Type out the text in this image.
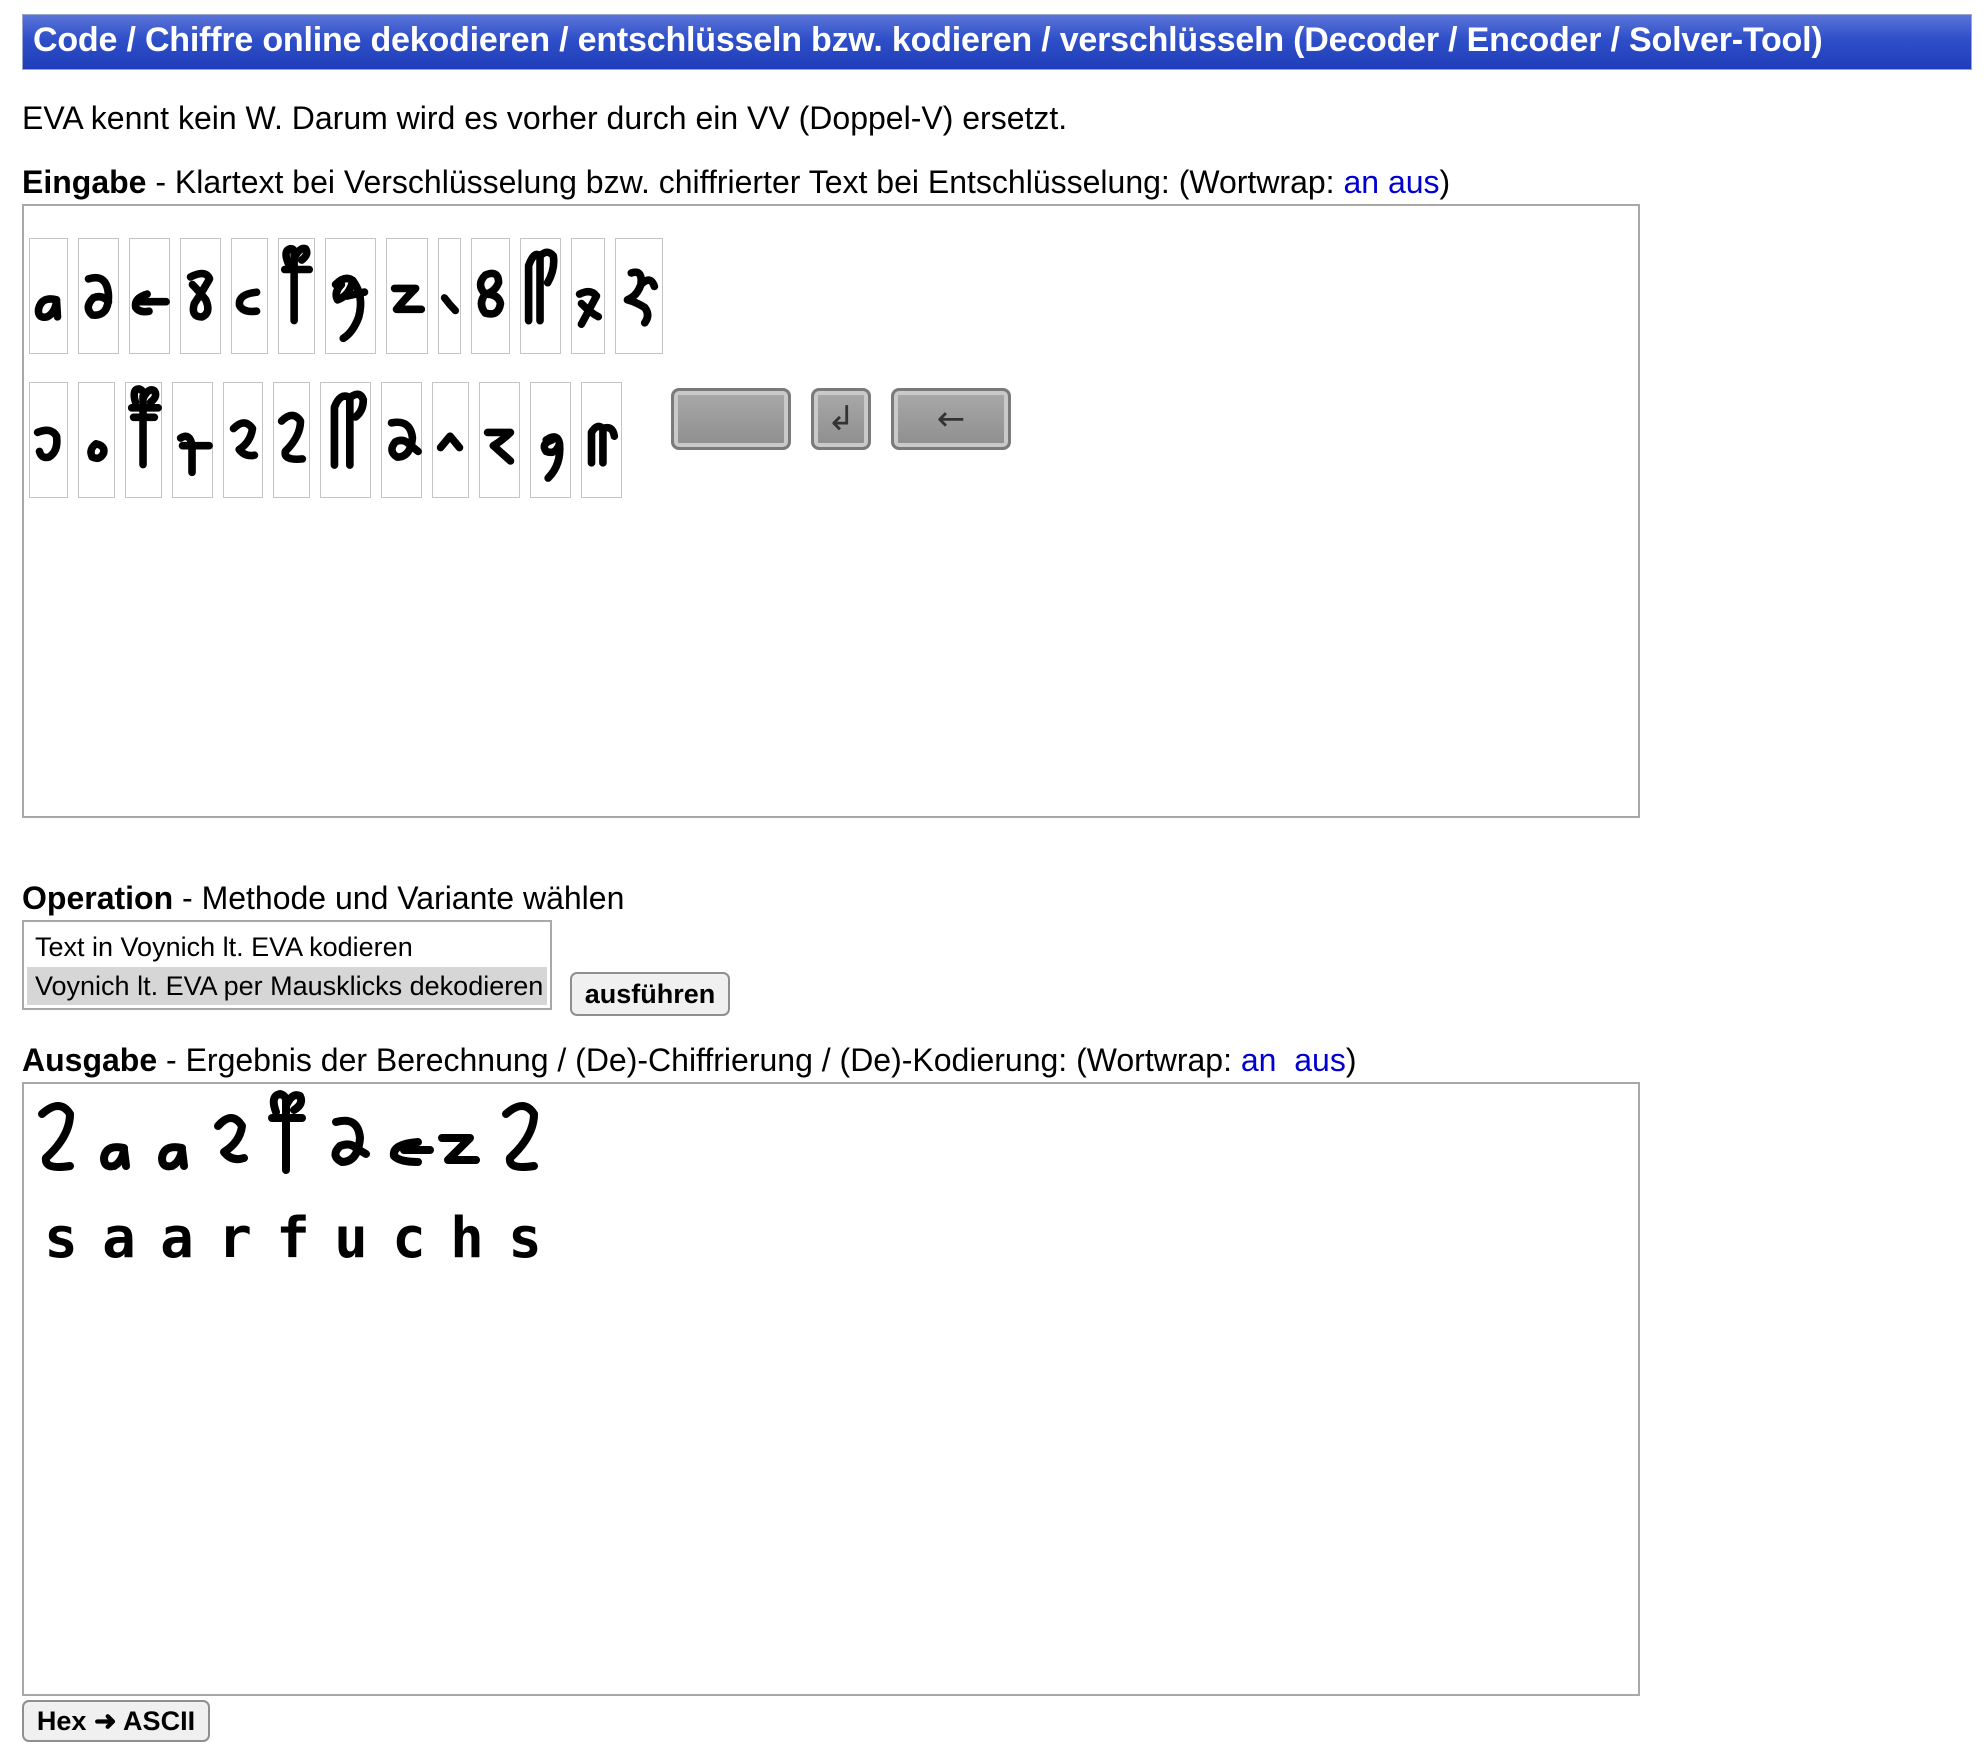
Code / Chiffre online dekodieren / entschlüsseln bzw. kodieren / verschlüsseln (Decoder / Encoder / Solver-Tool)
EVA kennt kein W. Darum wird es vorher durch ein VV (Doppel-V) ersetzt.
Eingabe - Klartext bei Verschlüsselung bzw. chiffrierter Text bei Entschlüsselung: (Wortwrap: an aus)
↲	←
Operation - Methode und Variante wählen
Text in Voynich lt. EVA kodieren
Voynich lt. EVA per Mausklicks dekodieren	ausführen
Ausgabe - Ergebnis der Berechnung / (De)-Chiffrierung / (De)-Kodierung: (Wortwrap: an aus)
s a a r f u c h s
Hex ➜ ASCII
